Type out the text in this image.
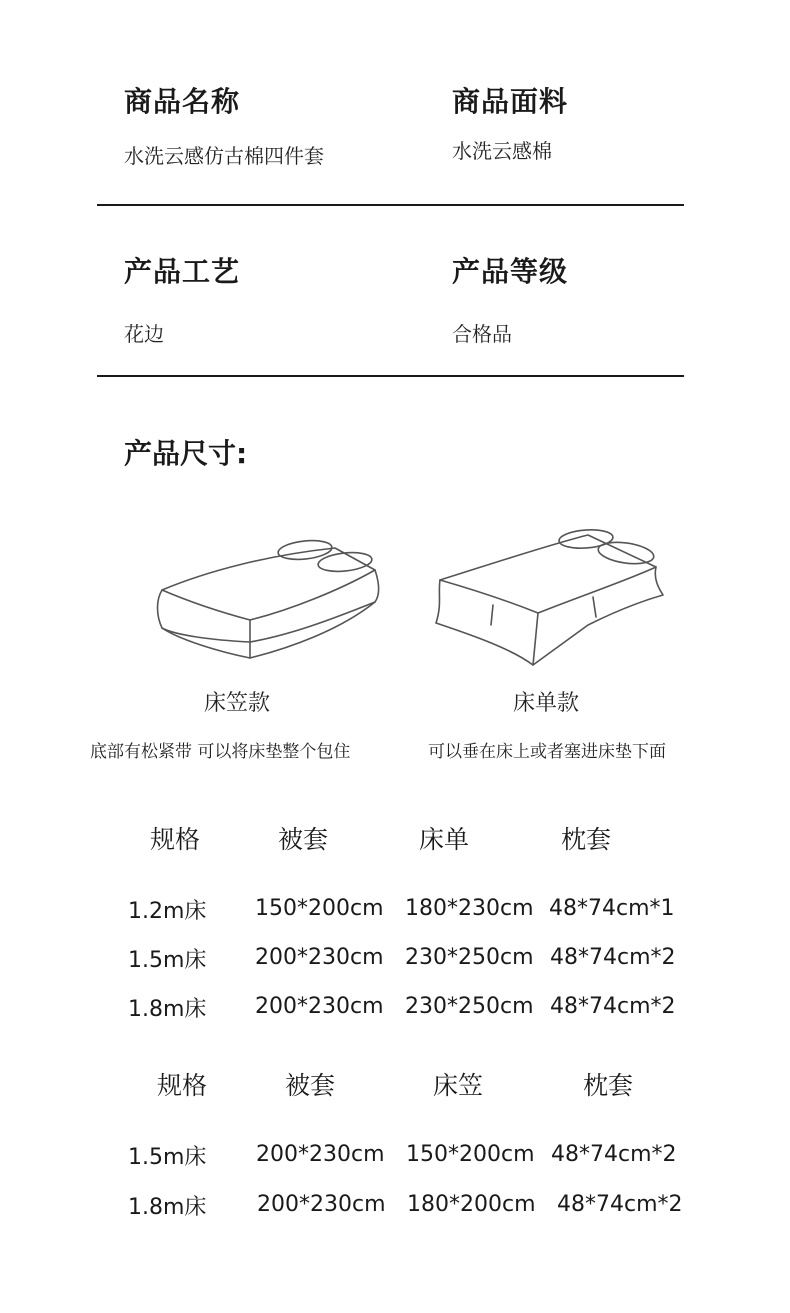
商品名称
水洗云感仿古棉四件套
商品面料
水洗云感棉
产品工艺
花边
产品等级
合格品
产品尺寸:
床笠款	床单款
底部有松紧带 可以将床垫整个包住	可以垂在床上或者塞进床垫下面
规格	被套	床单	枕套
1.2m床 150*200cm 180*230cm 48*74cm*1
1.5m床 200*230cm 230*250cm 48*74cm*2
1.8m床 200*230cm 230*250cm 48*74cm*2
规格	被套	床笠	枕套
1.5m床 200*230cm 150*200cm 48*74cm*2
1.8m床 200*230cm 180*200cm 48*74cm*2
